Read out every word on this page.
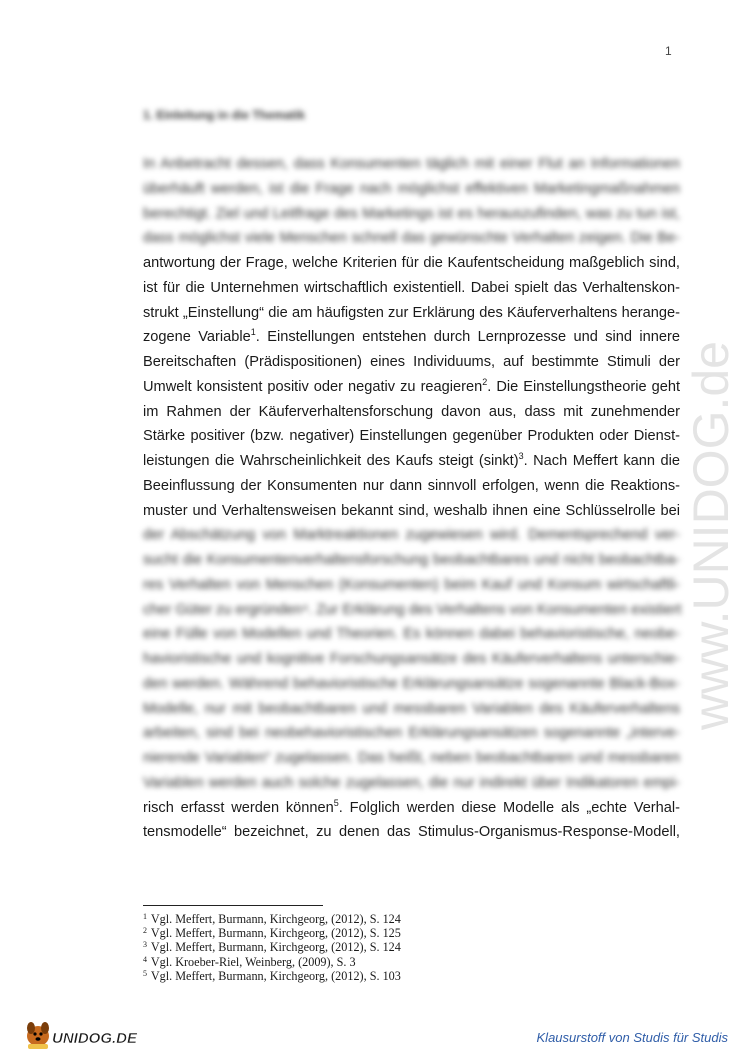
1
1. Einleitung in die Thematik
In Anbetracht dessen, dass Konsumenten täglich mit einer Flut an Informationen
überhäuft werden, ist die Frage nach möglichst effektiven Marketingmaßnahmen
berechtigt. Ziel und Leitfrage des Marketings ist es herauszufinden, was zu tun ist,
dass möglichst viele Menschen schnell das gewünschte Verhalten zeigen. Die Be-
antwortung der Frage, welche Kriterien für die Kaufentscheidung maßgeblich sind,
ist für die Unternehmen wirtschaftlich existentiell. Dabei spielt das Verhaltenskon-
strukt „Einstellung“ die am häufigsten zur Erklärung des Käuferverhaltens herange-
zogene Variable$^1$. Einstellungen entstehen durch Lernprozesse und sind innere
Bereitschaften (Prädispositionen) eines Individuums, auf bestimmte Stimuli der
Umwelt konsistent positiv oder negativ zu reagieren$^2$. Die Einstellungstheorie geht
im Rahmen der Käuferverhaltensforschung davon aus, dass mit zunehmender
Stärke positiver (bzw. negativer) Einstellungen gegenüber Produkten oder Dienst-
leistungen die Wahrscheinlichkeit des Kaufs steigt (sinkt)$^3$. Nach Meffert kann die
Beeinflussung der Konsumenten nur dann sinnvoll erfolgen, wenn die Reaktions-
muster und Verhaltensweisen bekannt sind, weshalb ihnen eine Schlüsselrolle bei
der Abschätzung von Marktreaktionen zugewiesen wird. Dementsprechend ver-
sucht die Konsumentenverhaltensforschung beobachtbares und nicht beobachtba-
res Verhalten von Menschen (Konsumenten) beim Kauf und Konsum wirtschaftli-
cher Güter zu ergründen⁴. Zur Erklärung des Verhaltens von Konsumenten existiert
eine Fülle von Modellen und Theorien. Es können dabei behavioristische, neobe-
havioristische und kognitive Forschungsansätze des Käuferverhaltens unterschie-
den werden. Während behavioristische Erklärungsansätze sogenannte Black-Box-
Modelle, nur mit beobachtbaren und messbaren Variablen des Käuferverhaltens
arbeiten, sind bei neobehavioristischen Erklärungsansätzen sogenannte „interve-
nierende Variablen“ zugelassen. Das heißt, neben beobachtbaren und messbaren
Variablen werden auch solche zugelassen, die nur indirekt über Indikatoren empi-
risch erfasst werden können$^5$. Folglich werden diese Modelle als „echte Verhal-
tensmodelle“ bezeichnet, zu denen das Stimulus-Organismus-Response-Modell,
$^1$ Vgl. Meffert, Burmann, Kirchgeorg, (2012), S. 124
$^2$ Vgl. Meffert, Burmann, Kirchgeorg, (2012), S. 125
$^3$ Vgl. Meffert, Burmann, Kirchgeorg, (2012), S. 124
$^4$ Vgl. Kroeber-Riel, Weinberg, (2009), S. 3
$^5$ Vgl. Meffert, Burmann, Kirchgeorg, (2012), S. 103
www.UNIDOG.de
UNIDOG.DE	Klausurstoff von Studis für Studis
